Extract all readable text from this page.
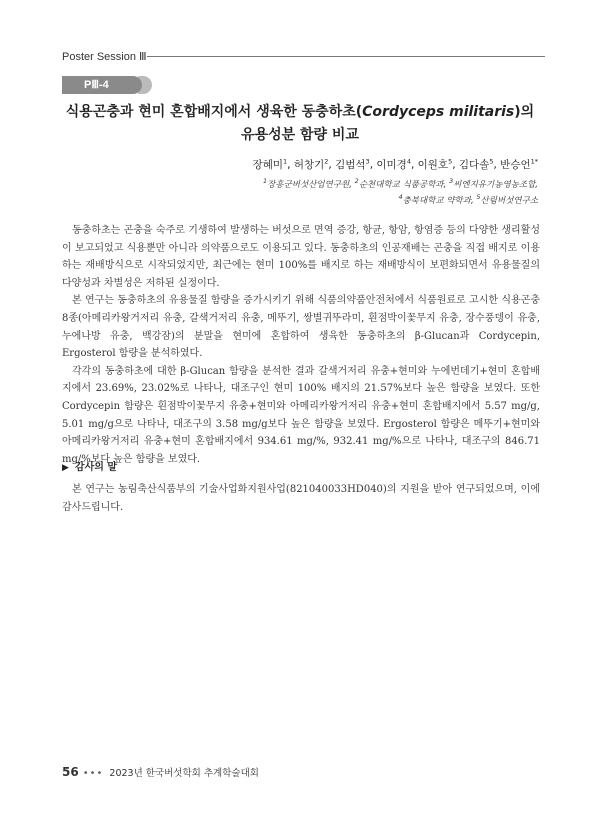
Poster Session Ⅲ
PⅢ-4
식용곤충과 현미 혼합배지에서 생육한 동충하초(Cordyceps militaris)의
유용성분 함량 비교
장혜미$^1$, 허창기$^2$, 김범석$^3$, 이미경$^4$, 이원호$^5$, 김다솔$^5$, 반승언$^{1*}$
$^1$장흥군버섯산업연구원, $^2$순천대학교 식품공학과, $^3$씨엔지유기농영농조합,
$^4$충북대학교 약학과, $^5$산림버섯연구소

동충하초는 곤충을 숙주로 기생하여 발생하는 버섯으로 면역 증강, 항균, 항암, 항염증 등의 다양한 생리활성이 보고되었고 식용뿐만 아니라 의약품으로도 이용되고 있다. 동충하초의 인공재배는 곤충을 직접 배지로 이용하는 재배방식으로 시작되었지만, 최근에는 현미 100%를 배지로 하는 재배방식이 보편화되면서 유용물질의 다양성과 차별성은 저하된 실정이다.

본 연구는 동충하초의 유용물질 함량을 증가시키기 위해 식품의약품안전처에서 식품원료로 고시한 식용곤충 8종(아메리카왕거저리 유충, 갈색거저리 유충, 메뚜기, 쌍별귀뚜라미, 흰점박이꽃무지 유충, 장수풍뎅이 유충, 누에나방 유충, 백강잠)의 분말을 현미에 혼합하여 생육한 동충하초의 β-Glucan과 Cordycepin, Ergosterol 함량을 분석하였다.

각각의 동충하초에 대한 β-Glucan 함량을 분석한 결과 갈색거저리 유충+현미와 누에번데기+현미 혼합배지에서 23.69%, 23.02%로 나타나, 대조구인 현미 100% 배지의 21.57%보다 높은 함량을 보였다. 또한 Cordycepin 함량은 흰점박이꽃무지 유충+현미와 아메리카왕거저리 유충+현미 혼합배지에서 5.57 mg/g, 5.01 mg/g으로 나타나, 대조구의 3.58 mg/g보다 높은 함량을 보였다. Ergosterol 함량은 메뚜기+현미와 아메리카왕거저리 유충+현미 혼합배지에서 934.61 mg/%, 932.41 mg/%으로 나타나, 대조구의 846.71 mg/%보다 높은 함량을 보였다.

▶ 감사의 말

본 연구는 농림축산식품부의 기술사업화지원사업(821040033HD040)의 지원을 받아 연구되었으며, 이에 감사드립니다.

56 ••• 2023년 한국버섯학회 추계학술대회
